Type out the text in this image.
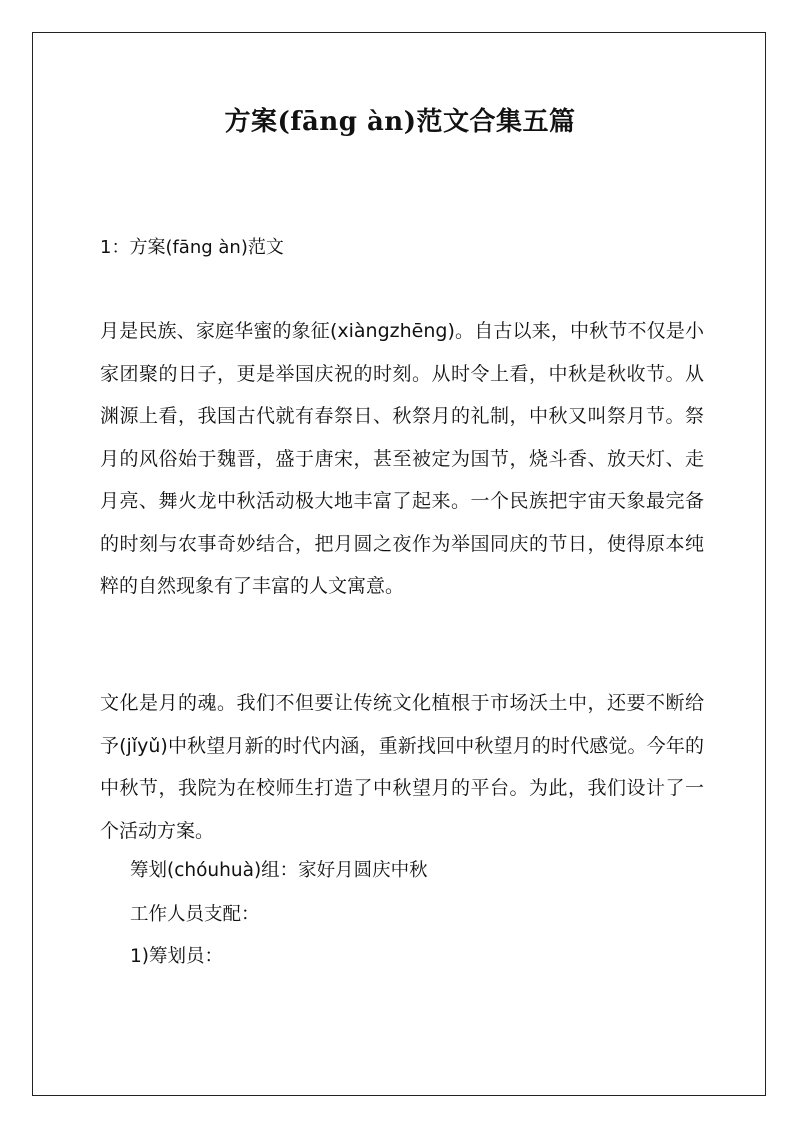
方案(fāng àn)范文合集五篇
1：方案(fāng àn)范文

月是民族、家庭华蜜的象征(xiàngzhēng)。自古以来，中秋节不仅是小家团聚的日子，更是举国庆祝的时刻。从时令上看，中秋是秋收节。从渊源上看，我国古代就有春祭日、秋祭月的礼制，中秋又叫祭月节。祭月的风俗始于魏晋，盛于唐宋，甚至被定为国节，烧斗香、放天灯、走月亮、舞火龙中秋活动极大地丰富了起来。一个民族把宇宙天象最完备的时刻与农事奇妙结合，把月圆之夜作为举国同庆的节日，使得原本纯粹的自然现象有了丰富的人文寓意。

文化是月的魂。我们不但要让传统文化植根于市场沃土中，还要不断给予(jǐyǔ)中秋望月新的时代内涵，重新找回中秋望月的时代感觉。今年的中秋节，我院为在校师生打造了中秋望月的平台。为此，我们设计了一个活动方案。

筹划(chóuhuà)组：家好月圆庆中秋
工作人员支配：
1)筹划员：
